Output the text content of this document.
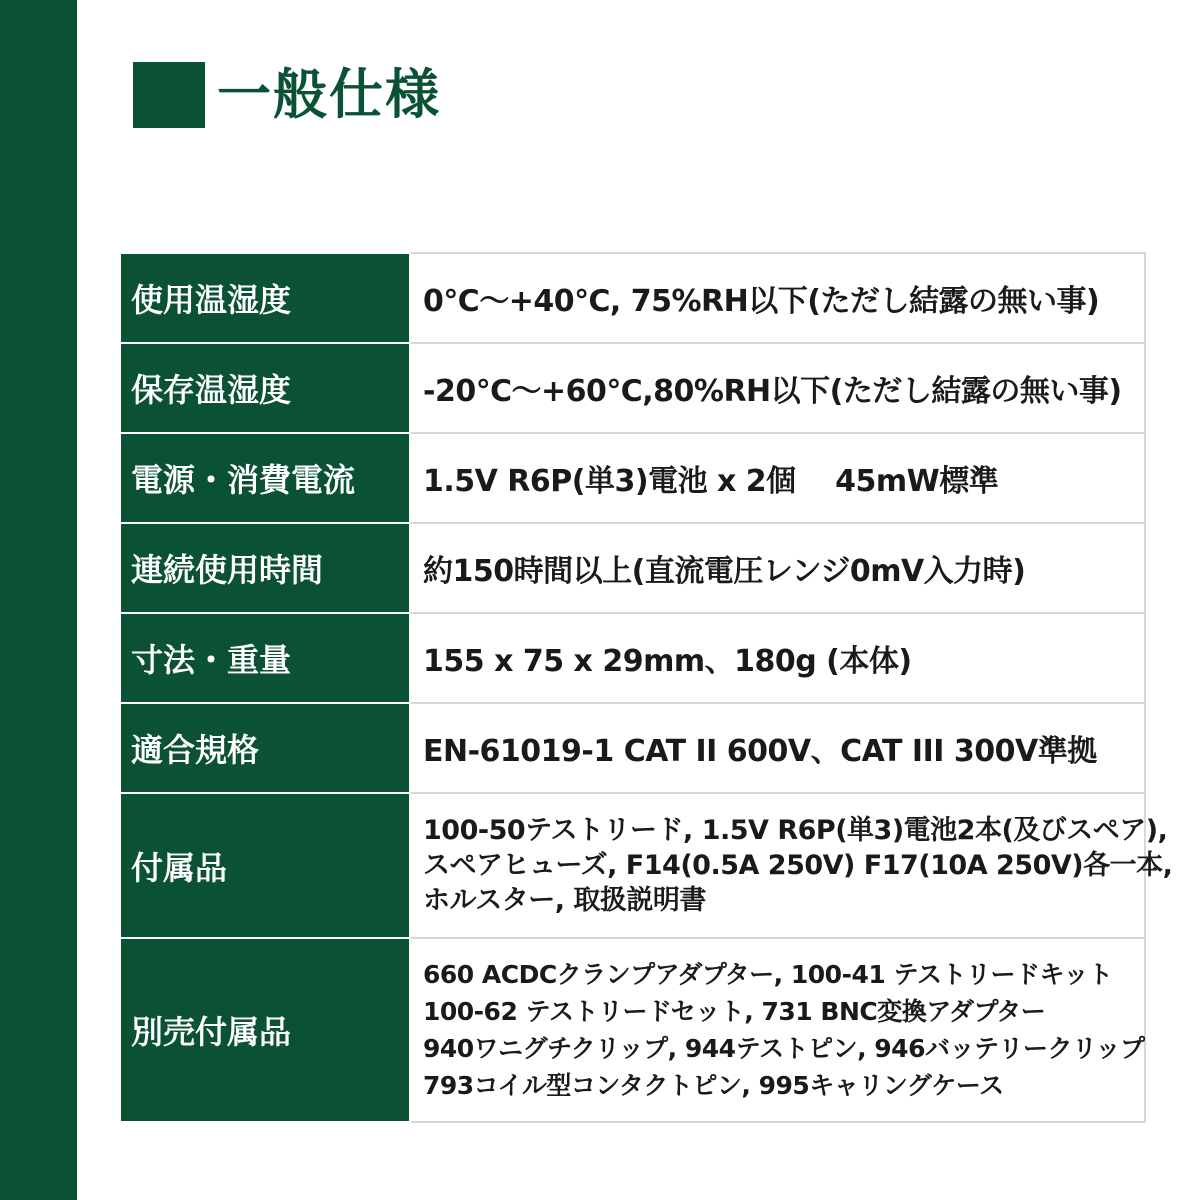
一般仕様
使用温湿度	0℃〜+40℃, 75%RH以下(ただし結露の無い事)

保存温湿度	-20℃〜+60℃,80%RH以下(ただし結露の無い事)

電源・消費電流	1.5V R6P(単3)電池 x 2個　 45mW標準

連続使用時間	約150時間以上(直流電圧レンジ0mV入力時)

寸法・重量	155 x 75 x 29mm、180g (本体)

適合規格	EN-61019-1 CAT II 600V、CAT III 300V準拠

付属品	100-50テストリード, 1.5V R6P(単3)電池2本(及びスペア),
スペアヒューズ, F14(0.5A 250V) F17(10A 250V)各一本,
ホルスター, 取扱説明書

別売付属品	660 ACDCクランプアダプター, 100-41 テストリードキット
100-62 テストリードセット, 731 BNC変換アダプター
940ワニグチクリップ, 944テストピン, 946バッテリークリップ
793コイル型コンタクトピン, 995キャリングケース
